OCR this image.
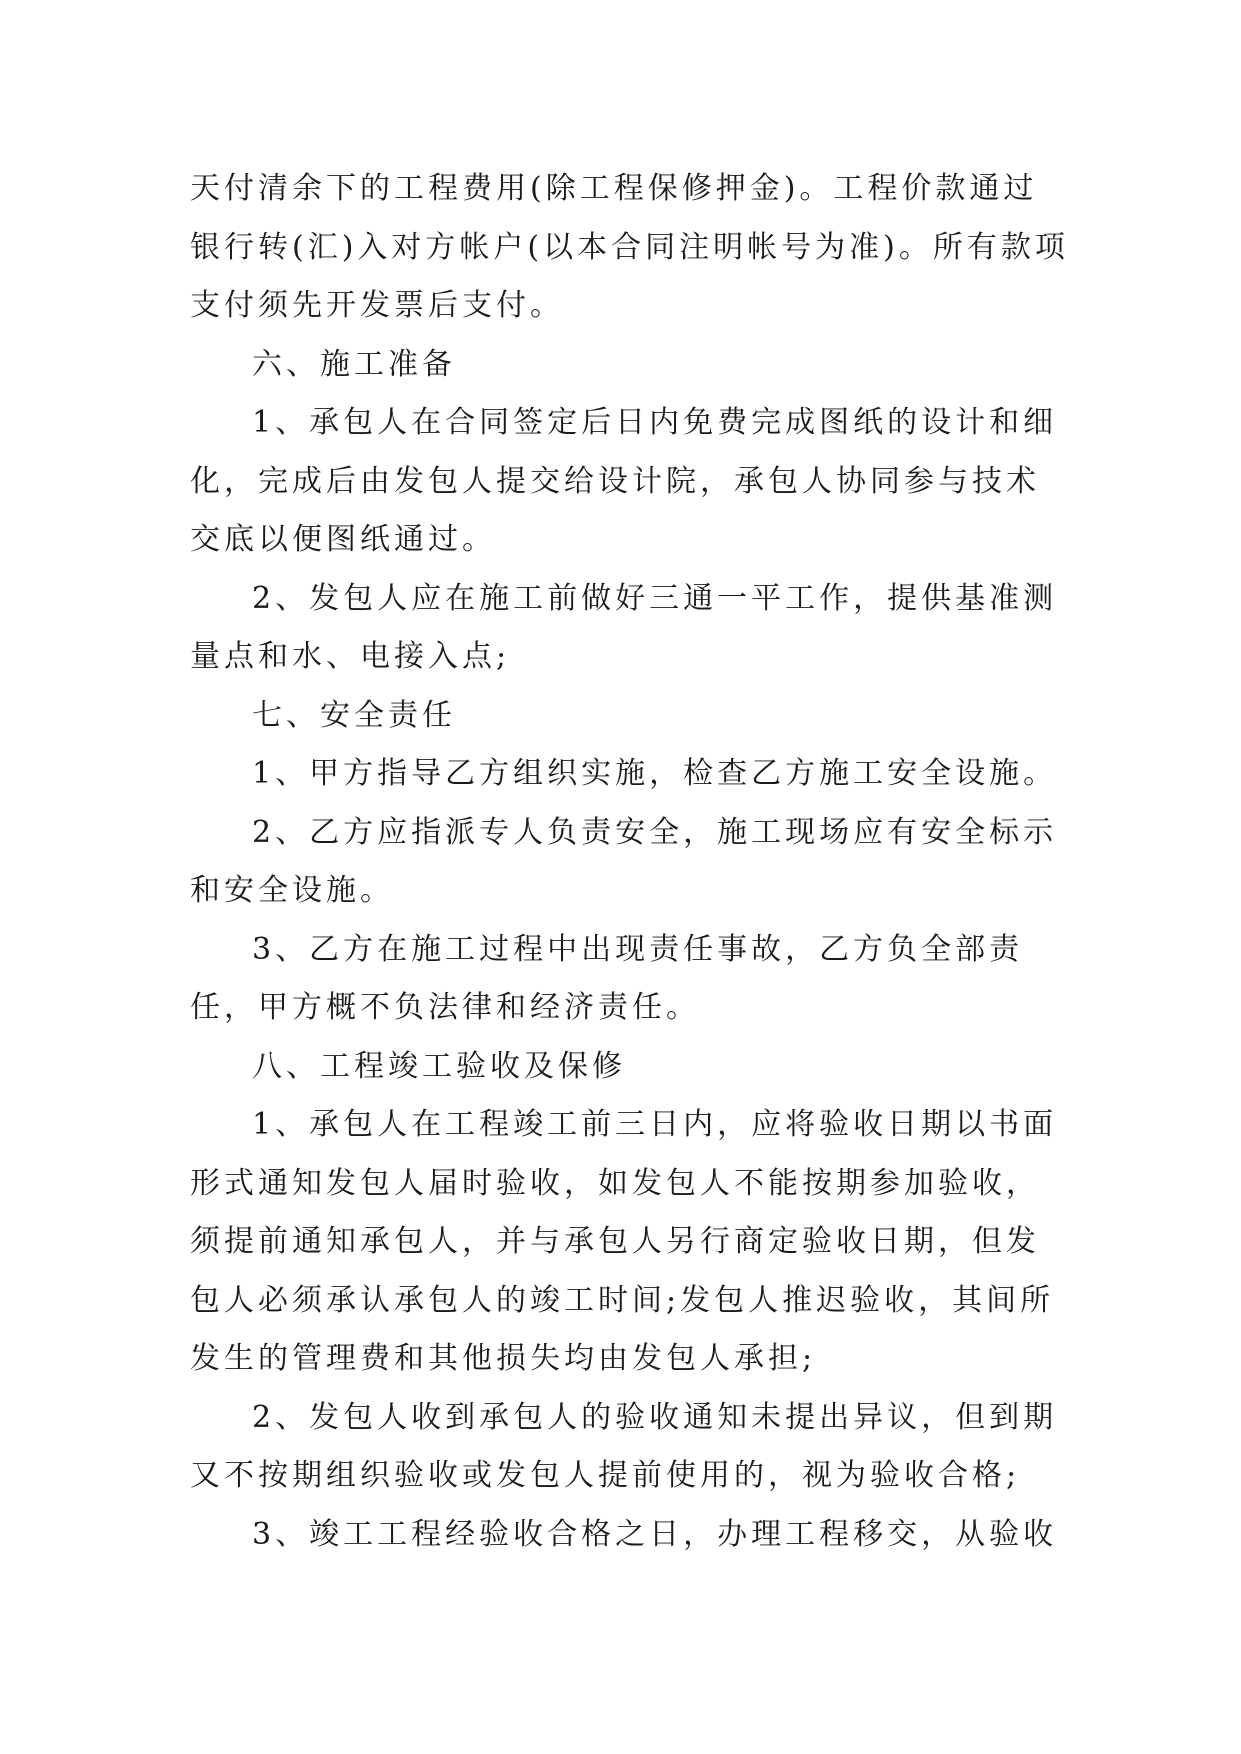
天付清余下的工程费用(除工程保修押金)。工程价款通过银行转(汇)入对方帐户(以本合同注明帐号为准)。所有款项支付须先开发票后支付。

六、施工准备

1、承包人在合同签定后日内免费完成图纸的设计和细化，完成后由发包人提交给设计院，承包人协同参与技术交底以便图纸通过。

2、发包人应在施工前做好三通一平工作，提供基准测量点和水、电接入点;

七、安全责任

1、甲方指导乙方组织实施，检查乙方施工安全设施。

2、乙方应指派专人负责安全，施工现场应有安全标示和安全设施。

3、乙方在施工过程中出现责任事故，乙方负全部责任，甲方概不负法律和经济责任。

八、工程竣工验收及保修

1、承包人在工程竣工前三日内，应将验收日期以书面形式通知发包人届时验收，如发包人不能按期参加验收，须提前通知承包人，并与承包人另行商定验收日期，但发包人必须承认承包人的竣工时间;发包人推迟验收，其间所发生的管理费和其他损失均由发包人承担;

2、发包人收到承包人的验收通知未提出异议，但到期又不按期组织验收或发包人提前使用的，视为验收合格;

3、竣工工程经验收合格之日，办理工程移交，从验收
